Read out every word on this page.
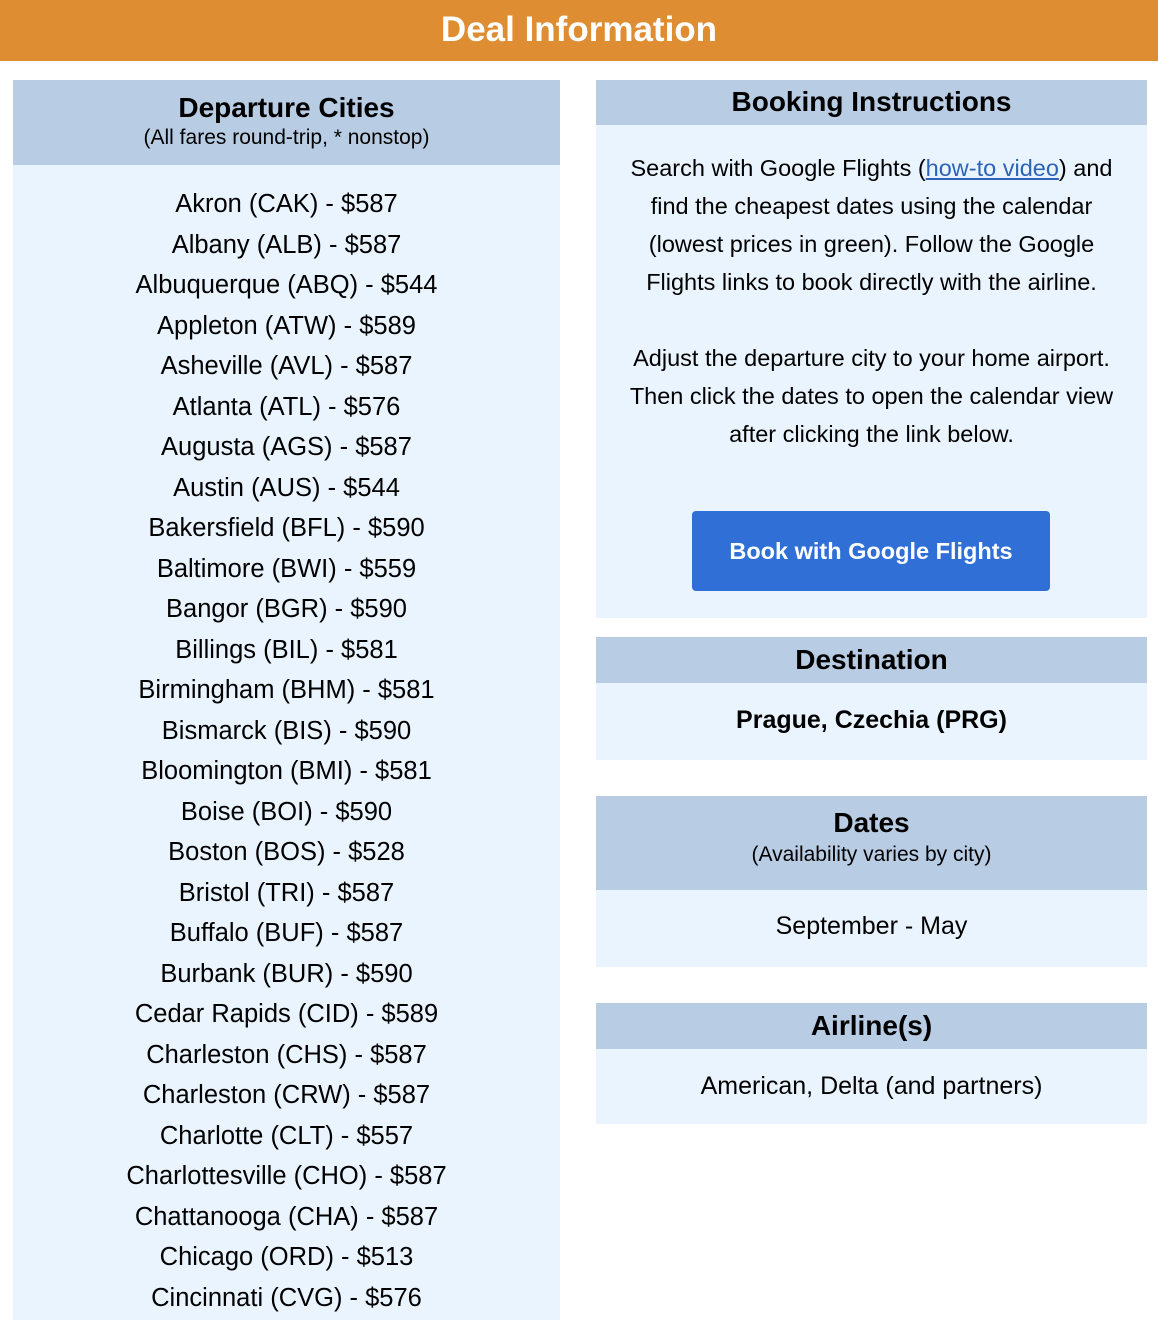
Deal Information
Departure Cities
(All fares round-trip, * nonstop)
Akron (CAK) - $587
Albany (ALB) - $587
Albuquerque (ABQ) - $544
Appleton (ATW) - $589
Asheville (AVL) - $587
Atlanta (ATL) - $576
Augusta (AGS) - $587
Austin (AUS) - $544
Bakersfield (BFL) - $590
Baltimore (BWI) - $559
Bangor (BGR) - $590
Billings (BIL) - $581
Birmingham (BHM) - $581
Bismarck (BIS) - $590
Bloomington (BMI) - $581
Boise (BOI) - $590
Boston (BOS) - $528
Bristol (TRI) - $587
Buffalo (BUF) - $587
Burbank (BUR) - $590
Cedar Rapids (CID) - $589
Charleston (CHS) - $587
Charleston (CRW) - $587
Charlotte (CLT) - $557
Charlottesville (CHO) - $587
Chattanooga (CHA) - $587
Chicago (ORD) - $513
Cincinnati (CVG) - $576
Booking Instructions

Search with Google Flights (how-to video) and find the cheapest dates using the calendar (lowest prices in green). Follow the Google Flights links to book directly with the airline.

Adjust the departure city to your home airport. Then click the dates to open the calendar view after clicking the link below.

Book with Google Flights
Destination
Prague, Czechia (PRG)
Dates
(Availability varies by city)
September - May
Airline(s)
American, Delta (and partners)
